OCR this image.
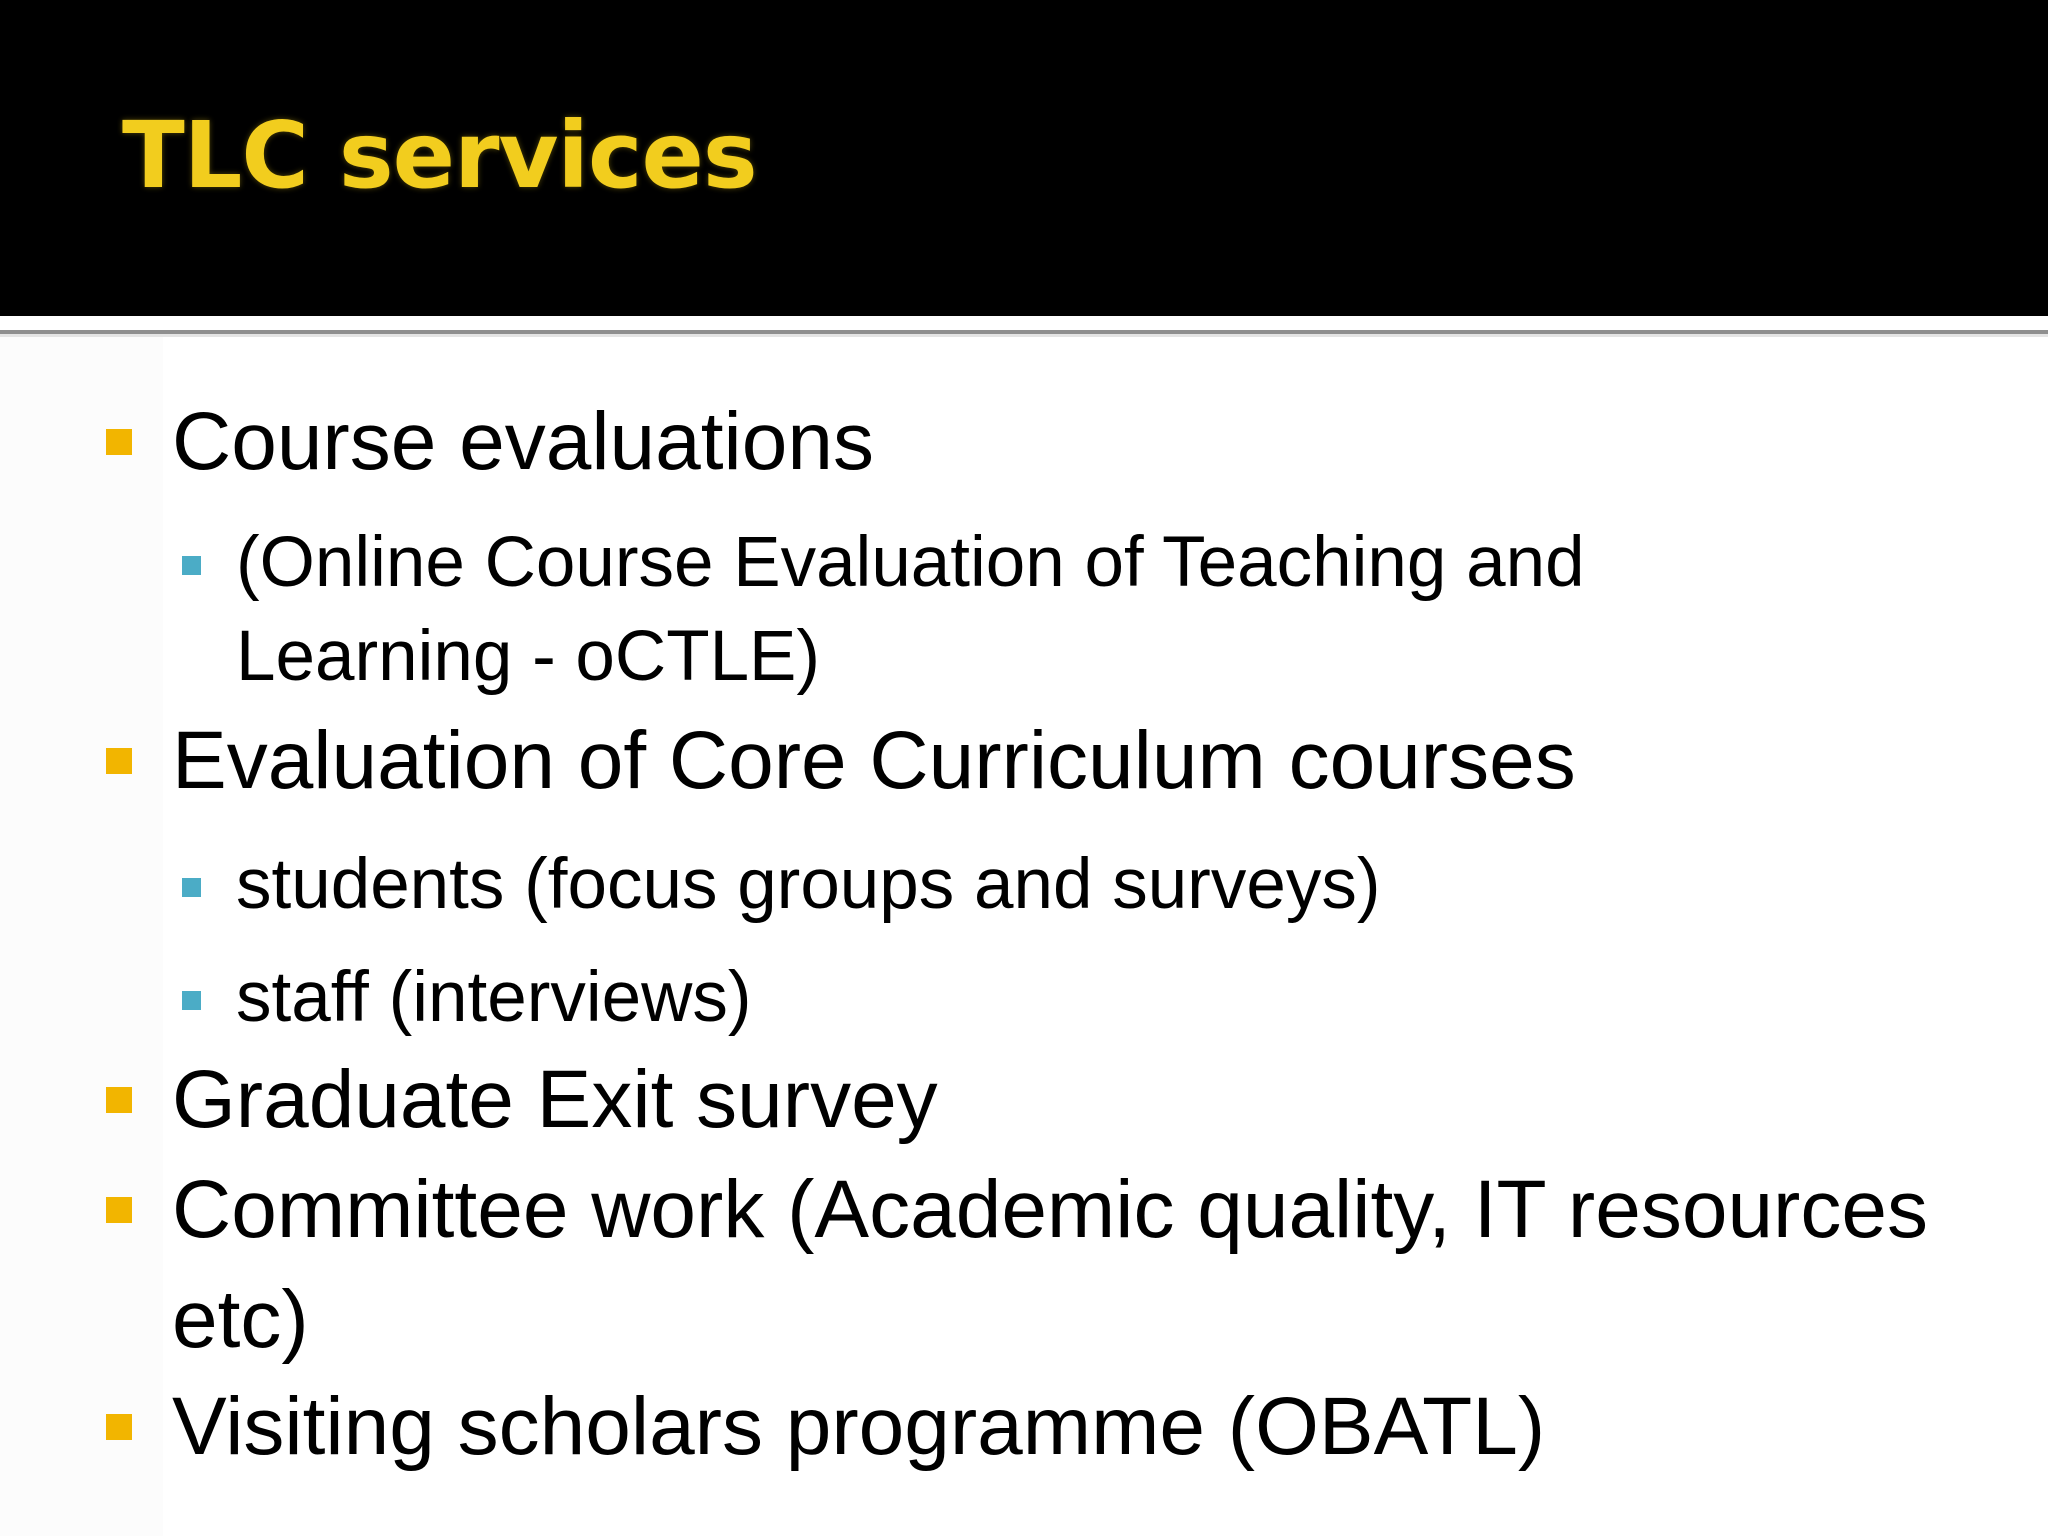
TLC services
Course evaluations
(Online Course Evaluation of Teaching and Learning - oCTLE)
Evaluation of Core Curriculum courses
students (focus groups and surveys)
staff (interviews)
Graduate Exit survey
Committee work (Academic quality, IT resources etc)
Visiting scholars programme (OBATL)
